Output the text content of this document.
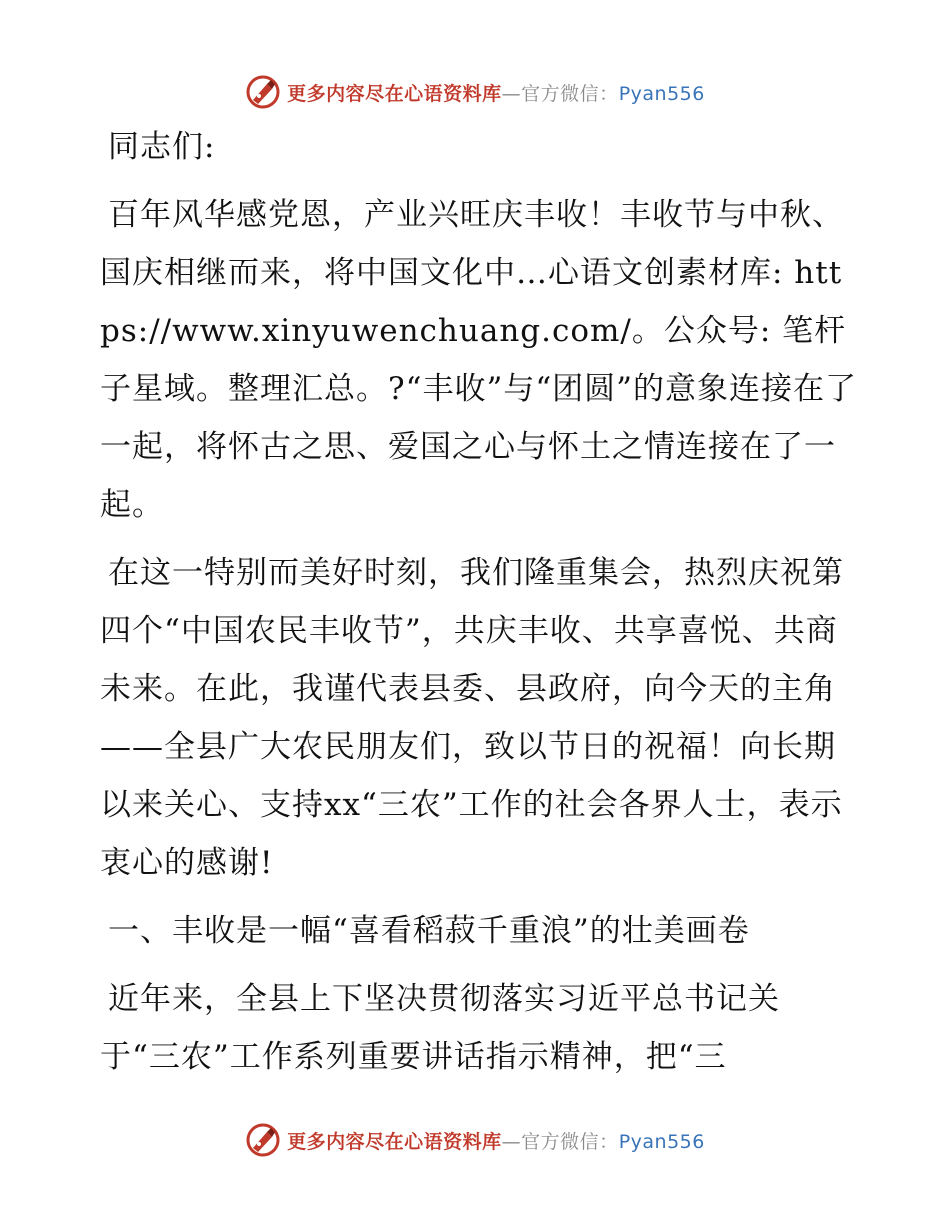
更多内容尽在心语资料库—官方微信：Pyan556

同志们:

百年风华感党恩，产业兴旺庆丰收！丰收节与中秋、国庆相继而来，将中国文化中…心语文创素材库: https://www.xinyuwenchuang.com/。公众号: 笔杆子星域。整理汇总。?“丰收”与“团圆”的意象连接在了一起，将怀古之思、爱国之心与怀土之情连接在了一起。

在这一特别而美好时刻，我们隆重集会，热烈庆祝第四个“中国农民丰收节”，共庆丰收、共享喜悦、共商未来。在此，我谨代表县委、县政府，向今天的主角——全县广大农民朋友们，致以节日的祝福！向长期以来关心、支持xx“三农”工作的社会各界人士，表示衷心的感谢!

一、丰收是一幅“喜看稻菽千重浪”的壮美画卷

近年来，全县上下坚决贯彻落实习近平总书记关于“三农”工作系列重要讲话指示精神，把“三

更多内容尽在心语资料库—官方微信：Pyan556
